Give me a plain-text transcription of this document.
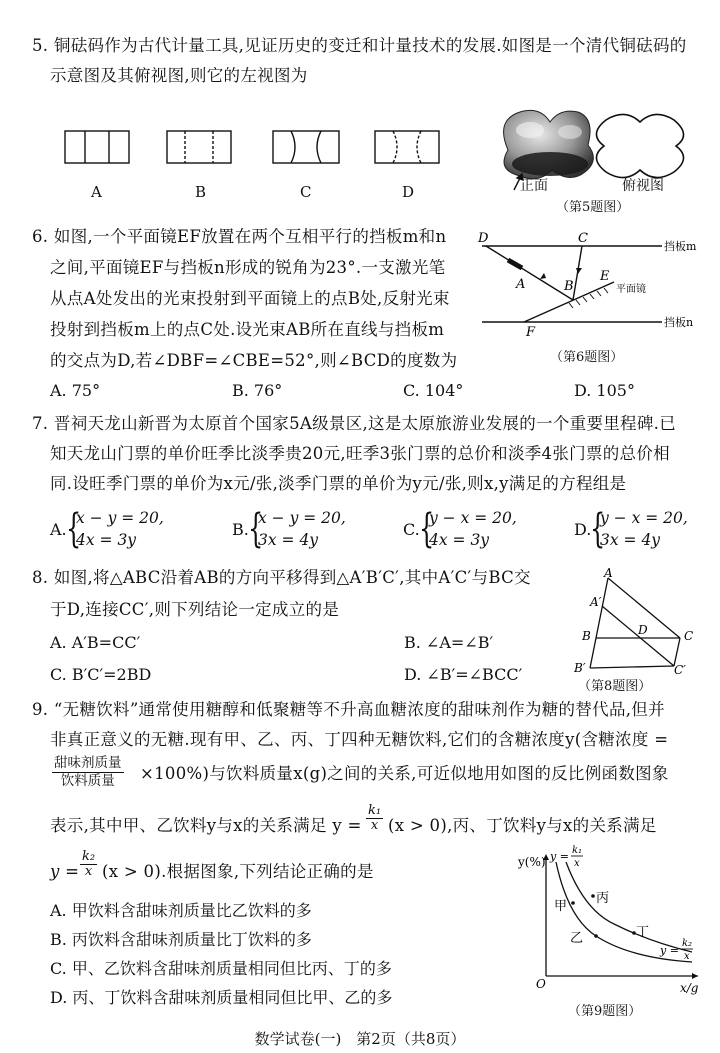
5. 铜砝码作为古代计量工具,见证历史的变迁和计量技术的发展.如图是一个清代铜砝码的
示意图及其俯视图,则它的左视图为
A	B	C	D	正面	俯视图
（第5题图）
6. 如图,一个平面镜EF放置在两个互相平行的挡板m和n
之间,平面镜EF与挡板n形成的锐角为23°.一支激光笔
从点A处发出的光束投射到平面镜上的点B处,反射光束
投射到挡板m上的点C处.设光束AB所在直线与挡板m
的交点为D,若∠DBF=∠CBE=52°,则∠BCD的度数为
D	C
A	B
E
F
平面镜
挡板m
挡板n
（第6题图）
A. 75°	B. 76°	C. 104°	D. 105°
7. 晋祠天龙山新晋为太原首个国家5A级景区,这是太原旅游业发展的一个重要里程碑.已
知天龙山门票的单价旺季比淡季贵20元,旺季3张门票的总价和淡季4张门票的总价相
同.设旺季门票的单价为x元/张,淡季门票的单价为y元/张,则x,y满足的方程组是
A. {
x − y = 20,
4x = 3y
B. {
x − y = 20,
3x = 4y
C. {
y − x = 20,
4x = 3y
D.
{
y − x = 20,
3x = 4y
8. 如图,将△ABC沿着AB的方向平移得到△A′B′C′,其中A′C′与BC交
于D,连接CC′,则下列结论一定成立的是
A. A′B=CC′	B. ∠A=∠B′
C. B′C′=2BD	D. ∠B′=∠BCC′
A
A′
B	D	C
B′	C′
（第8题图）
9. “无糖饮料”通常使用糖醇和低聚糖等不升高血糖浓度的甜味剂作为糖的替代品,但并
非真正意义的无糖.现有甲、乙、丙、丁四种无糖饮料,它们的含糖浓度y(含糖浓度 =
甜味剂质量
饮料质量	×100%)与饮料质量x(g)之间的关系,可近似地用如图的反比例函数图象
表示,其中甲、乙饮料y与x的关系满足 $y = \frac{\text{k₁}}{x} (x > 0)$,丙、丁饮料y与x的关系满足
$y = \frac{\text{k₂}}{x} (x > 0)$.根据图象,下列结论正确的是
A. 甲饮料含甜味剂质量比乙饮料的多
B. 丙饮料含甜味剂质量比丁饮料的多
C. 甲、乙饮料含甜味剂质量相同但比丙、丁的多
D. 丙、丁饮料含甜味剂质量相同但比甲、乙的多
y(%) y = k₁
x
甲
丙
乙	丁
y =
k₂
x
O	x/g
（第9题图）
数学试卷(一)　第2页（共8页）
